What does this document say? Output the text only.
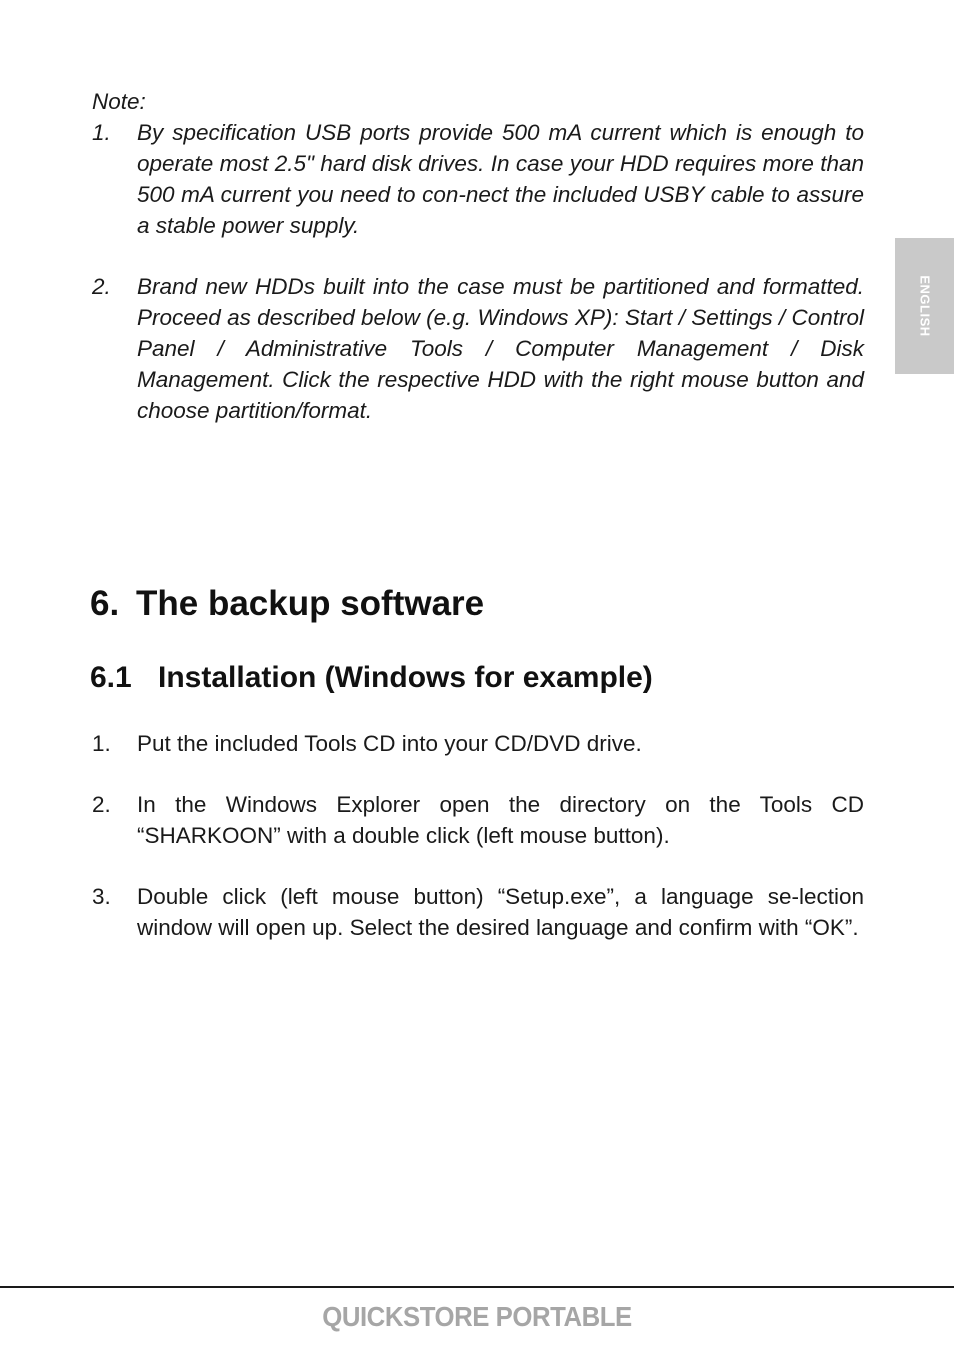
ENGLISH

Note:

1. By specification USB ports provide 500 mA current which is enough to operate most 2.5" hard disk drives. In case your HDD requires more than 500 mA current you need to con-nect the included USBY cable to assure a stable power supply.
2. Brand new HDDs built into the case must be partitioned and formatted. Proceed as described below (e.g. Windows XP): Start / Settings / Control Panel / Administrative Tools / Computer Management / Disk Management. Click the respective HDD with the right mouse button and choose partition/format.
6. The backup software
6.1 Installation (Windows for example)
1. Put the included Tools CD into your CD/DVD drive.
2. In the Windows Explorer open the directory on the Tools CD “SHARKOON” with a double click (left mouse button).
3. Double click (left mouse button) “Setup.exe”, a language se-lection window will open up. Select the desired language and confirm with “OK”.
QUICKSTORE PORTABLE
